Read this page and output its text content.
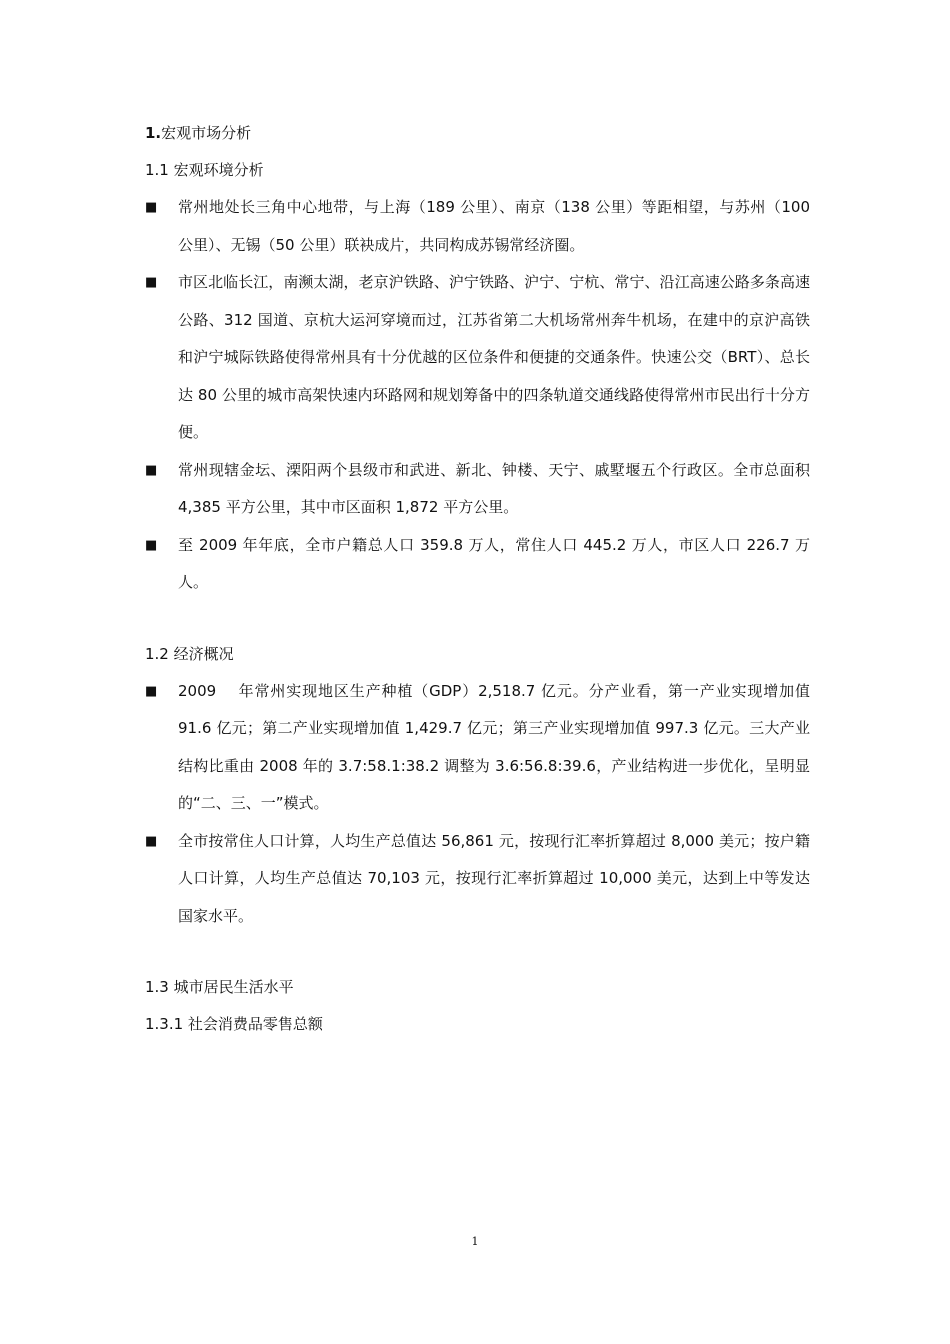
1.宏观市场分析

1.1 宏观环境分析

■ 常州地处长三角中心地带，与上海（189 公里）、南京（138 公里）等距相望，与苏州（100 公里）、无锡（50 公里）联袂成片，共同构成苏锡常经济圈。

■ 市区北临长江，南濒太湖，老京沪铁路、沪宁铁路、沪宁、宁杭、常宁、沿江高速公路多条高速公路、312 国道、京杭大运河穿境而过，江苏省第二大机场常州奔牛机场，在建中的京沪高铁和沪宁城际铁路使得常州具有十分优越的区位条件和便捷的交通条件。快速公交（BRT）、总长达 80 公里的城市高架快速内环路网和规划筹备中的四条轨道交通线路使得常州市民出行十分方便。

■ 常州现辖金坛、溧阳两个县级市和武进、新北、钟楼、天宁、戚墅堰五个行政区。全市总面积 4,385 平方公里，其中市区面积 1,872 平方公里。

■ 至 2009 年年底，全市户籍总人口 359.8 万人，常住人口 445.2 万人，市区人口 226.7 万人。

1.2 经济概况

■ 2009　 年常州实现地区生产种植（GDP）2,518.7 亿元。分产业看，第一产业实现增加值 91.6 亿元；第二产业实现增加值 1,429.7 亿元；第三产业实现增加值 997.3 亿元。三大产业结构比重由 2008 年的 3.7:58.1:38.2 调整为 3.6:56.8:39.6，产业结构进一步优化，呈明显的“二、三、一”模式。

■ 全市按常住人口计算，人均生产总值达 56,861 元，按现行汇率折算超过 8,000 美元；按户籍人口计算，人均生产总值达 70,103 元，按现行汇率折算超过 10,000 美元，达到上中等发达国家水平。

1.3 城市居民生活水平

1.3.1 社会消费品零售总额

1
